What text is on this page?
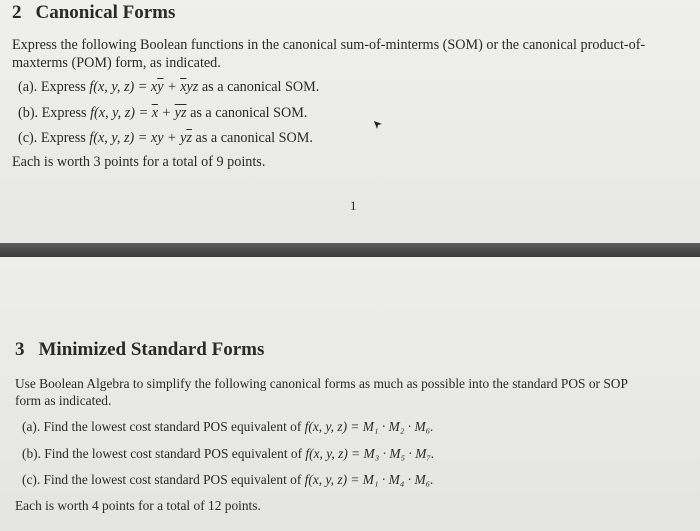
2 Canonical Forms
Express the following Boolean functions in the canonical sum-of-minterms (SOM) or the canonical product-of-
maxterms (POM) form, as indicated.
(a). Express f(x, y, $z) = x\overline{y} + \overline{x}yz$ as a canonical SOM.
(b). Express f(x, y, $z) = \overline{x} + \overline{y}\overline{z}$ as a canonical SOM.
(c). Express f(x, y, z) = xy + $y\overline{z}$ as a canonical SOM.
Each is worth 3 points for a total of 9 points.
1
3 Minimized Standard Forms
Use Boolean Algebra to simplify the following canonical forms as much as possible into the standard POS or SOP
form as indicated.
(a). Find the lowest cost standard POS equivalent of f(x, y, z) = M₁ · M₂ · M₆.
(b). Find the lowest cost standard POS equivalent of f(x, y, z) = M₃ · M₅ · M₇.
(c). Find the lowest cost standard POS equivalent of f(x, y, z) = M₁ · M₄ · M₆.
Each is worth 4 points for a total of 12 points.
